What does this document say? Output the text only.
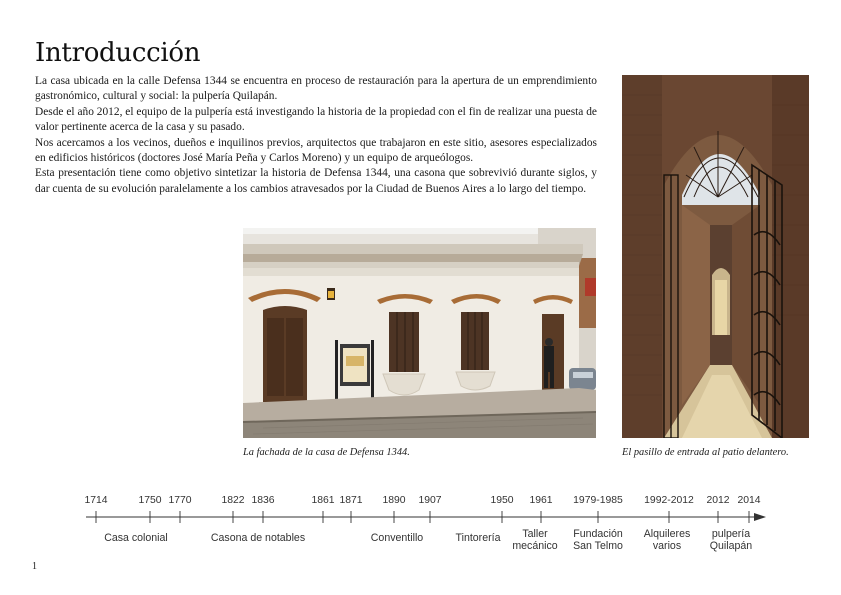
Introducción

La casa ubicada en la calle Defensa 1344 se encuentra en proceso de restauración para la apertura de un emprendimiento gastronómico, cultural y social: la pulpería Quilapán.

Desde el año 2012, el equipo de la pulpería está investigando la historia de la propiedad con el fin de realizar una puesta de valor pertinente acerca de la casa y su pasado.

Nos acercamos a los vecinos, dueños e inquilinos previos, arquitectos que trabajaron en este sitio, asesores especializados en edificios históricos (doctores José María Peña y Carlos Moreno) y un equipo de arqueólogos.

Esta presentación tiene como objetivo sintetizar la historia de Defensa 1344, una casona que sobrevivió durante siglos, y dar cuenta de su evolución paralelamente a los cambios atravesados por la Ciudad de Buenos Aires a lo largo del tiempo.

La fachada de la casa de Defensa 1344.	El pasillo de entrada al patio delantero.
1714	1750 1770	1822 1836	1861 1871 1890 1907	1950 1961 1979-1985 1992-2012 2012 2014
Casa colonial	Casona de notables	Conventillo	Tintorería Taller
mecánico
Fundación
San Telmo
Alquileres
varios
pulpería
Quilapán
1
